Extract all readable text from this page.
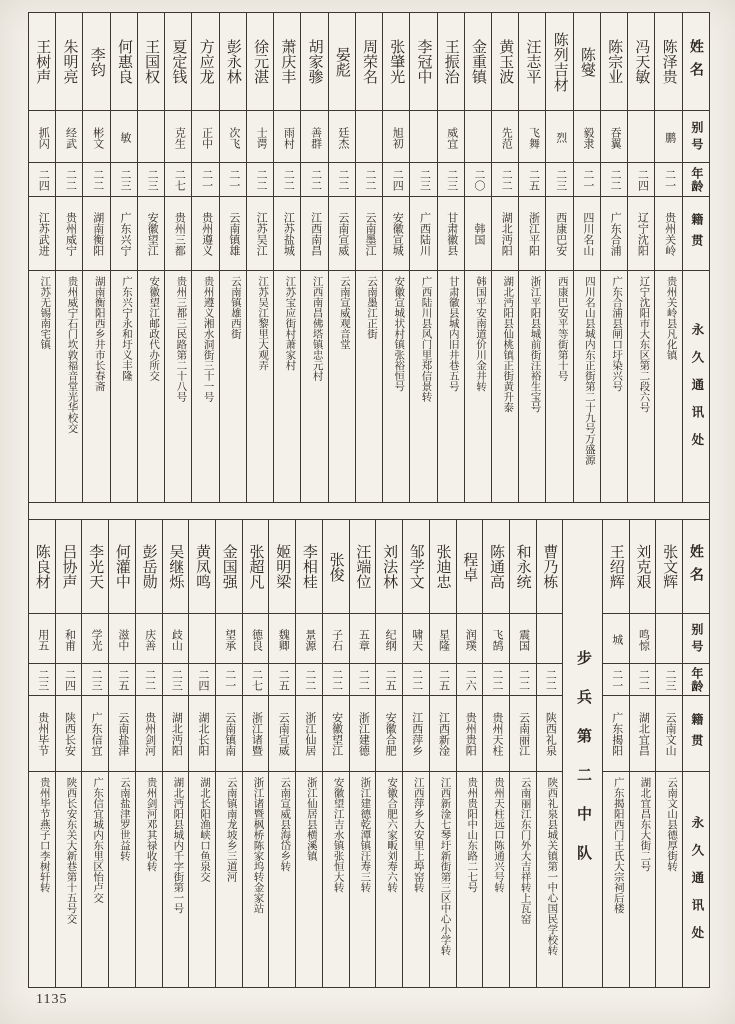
王树声
抓闪
二四
江苏武进
江苏无锡南宅镇
朱明亮
经武
二二
贵州威宁
贵州威宁石门坎敦福音堂光华校交
李钧
彬文
二二
湖南衡阳
湖南衡阳西乡井市长春斋
何惠良
敏
二三
广东兴宁
广东兴宁永和圩义丰隆
王国权
二三
安徽望江
安徽望江邮政代办所交
夏定钱
克生
二七
贵州三都
贵州三都三民路第二十八号
方应龙
正中
二一
贵州遵义
贵州遵义湘水洞街三十一号
彭永林
次飞
二一
云南镇雄
云南镇雄西街
徐元湛
士谔
二二
江苏吴江
江苏吴江黎里大观弄
萧庆丰
雨村
二二
江苏盐城
江苏宝应街村萧家村
胡家骖
善群
二二
江西南昌
江西南昌佛塔镇忠元村
晏彪
廷杰
二二
云南宣威
云南宣威观音堂
周荣名
二二
云南墨江
云南墨江正街
张肇光
旭初
二四
安徽宣城
安徽宣城状村镇张裕恒号
李冠中
二三
广西陆川
广西陆川县风门里郑信景转
王振治
威宜
二三
甘肃徽县
甘肃徽县城内旧井巷五号
金重镇
二〇
韩国
韩国平安南道价川金井转
黄玉波
先范
二二
湖北沔阳
湖北沔阳县仙桃镇正街黄升泰
汪志平
飞舞
二五
浙江平阳
浙江平阳县城前街汪裕生宝号
陈列吉材
烈
二三
西康巴安
西康巴安平等街第十号
陈燮
毅隶
二一
四川名山
四川名山县城内东正街第二十九号万盛源
陈宗业
吞翼
二二
广东合浦
广东合浦县闸口圩染兴号
冯天敏
二四
辽宁沈阳
辽宁沈阳市大东区第二段六号
陈泽贵
鹏
二一
贵州关岭
贵州关岭县凡化镇
姓名
别号
年龄
籍贯
永久通讯处
陈良材
用五
二三
贵州毕节
贵州毕节燕子口李树轩转
吕协声
和甫
二四
陕西长安
陕西长安东关大新巷第十五号交
李光天
学光
二三
广东信宜
广东信宜城内东里区怡卢交
何灌中
滋中
二五
云南盐津
云南盐津罗世益转
彭岳勋
庆善
二二
贵州剑河
贵州剑河邓其禄收转
吴继烁
歧山
二三
湖北沔阳
湖北沔阳县城内千字街第一号
黄凤鸣
二四
湖北长阳
湖北长阳渔峡口鱼泉交
金国强
望承
二一
云南镇南
云南镇南龙坡乡三道河
张超凡
德良
二七
浙江诸暨
浙江诸暨枫桥陈家坞转金家站
姬明梁
魏卿
二五
云南宣威
云南宣威县海岱乡转
李相桂
景源
二二
浙江仙居
浙江仙居县横溪镇
张俊
子石
二二
安徽望江
安徽望江吉水镇张恒大转
汪端位
五章
二二
浙江建德
浙江建德乾潭镇汪寿三转
刘法林
纪纲
二五
安徽合肥
安徽合肥六家畈刘寿六转
邹学文
啸天
二二
江西萍乡
江西萍乡大安里上埠窑转
张迪忠
星隆
二五
江西新淦
江西新淦七琴圩新街第三区中心小学转
程卓
润璞
二六
贵州贵阳
贵州贵阳中山东路二七号
陈通高
飞鹄
二二
贵州天柱
贵州天柱远口陈通兴号转
和永统
震国
二二
云南丽江
云南丽江东门外大吉祥转上瓦窑
曹乃栋
二二
陕西礼泉
陕西礼泉县城关镇第一中心国民学校转	步兵第二中队
王绍辉
城
二一
广东揭阳
广东揭阳西门王氏大宗祠后楼
刘克艰
鸣惊
二二
湖北宜昌
湖北宜昌东大街二号
张文辉
二三
云南文山
云南文山县德厚街转
姓名
别号
年龄
籍贯
永久通讯处
1135
